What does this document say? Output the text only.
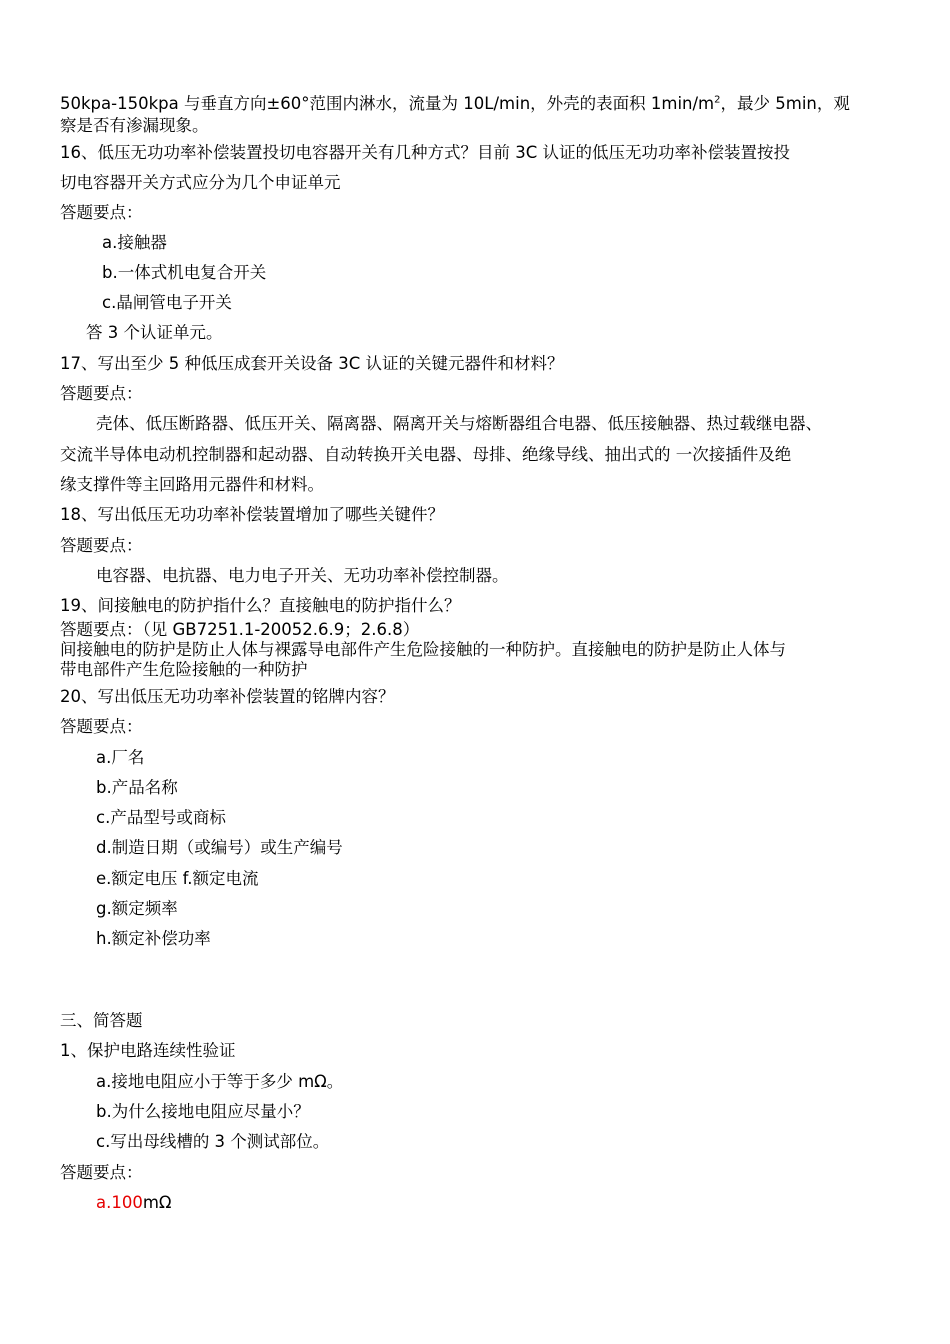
50kpa-150kpa 与垂直方向±60°范围内淋水，流量为 10L/min，外壳的表面积 $1\min/m^2$，最少 5min，观
察是否有渗漏现象。
16、低压无功功率补偿装置投切电容器开关有几种方式？目前 3C 认证的低压无功功率补偿装置按投
切电容器开关方式应分为几个申证单元
答题要点：
a.接触器
b.一体式机电复合开关
c.晶闸管电子开关
答 3 个认证单元。
17、写出至少 5 种低压成套开关设备 3C 认证的关键元器件和材料？
答题要点：
壳体、低压断路器、低压开关、隔离器、隔离开关与熔断器组合电器、低压接触器、热过载继电器、
交流半导体电动机控制器和起动器、自动转换开关电器、母排、绝缘导线、抽出式的 一次接插件及绝
缘支撑件等主回路用元器件和材料。
18、写出低压无功功率补偿装置增加了哪些关键件？
答题要点：
电容器、电抗器、电力电子开关、无功功率补偿控制器。
19、间接触电的防护指什么？直接触电的防护指什么？
答题要点：（见 GB7251.1-20052.6.9；2.6.8）
间接触电的防护是防止人体与裸露导电部件产生危险接触的一种防护。直接触电的防护是防止人体与
带电部件产生危险接触的一种防护
20、写出低压无功功率补偿装置的铭牌内容？
答题要点：
a.厂名
b.产品名称
c.产品型号或商标
d.制造日期（或编号）或生产编号
e.额定电压 f.额定电流
g.额定频率
h.额定补偿功率
三、简答题
1、保护电路连续性验证
a.接地电阻应小于等于多少 mΩ。
b.为什么接地电阻应尽量小？
c.写出母线槽的 3 个测试部位。
答题要点：
a.100mΩ
